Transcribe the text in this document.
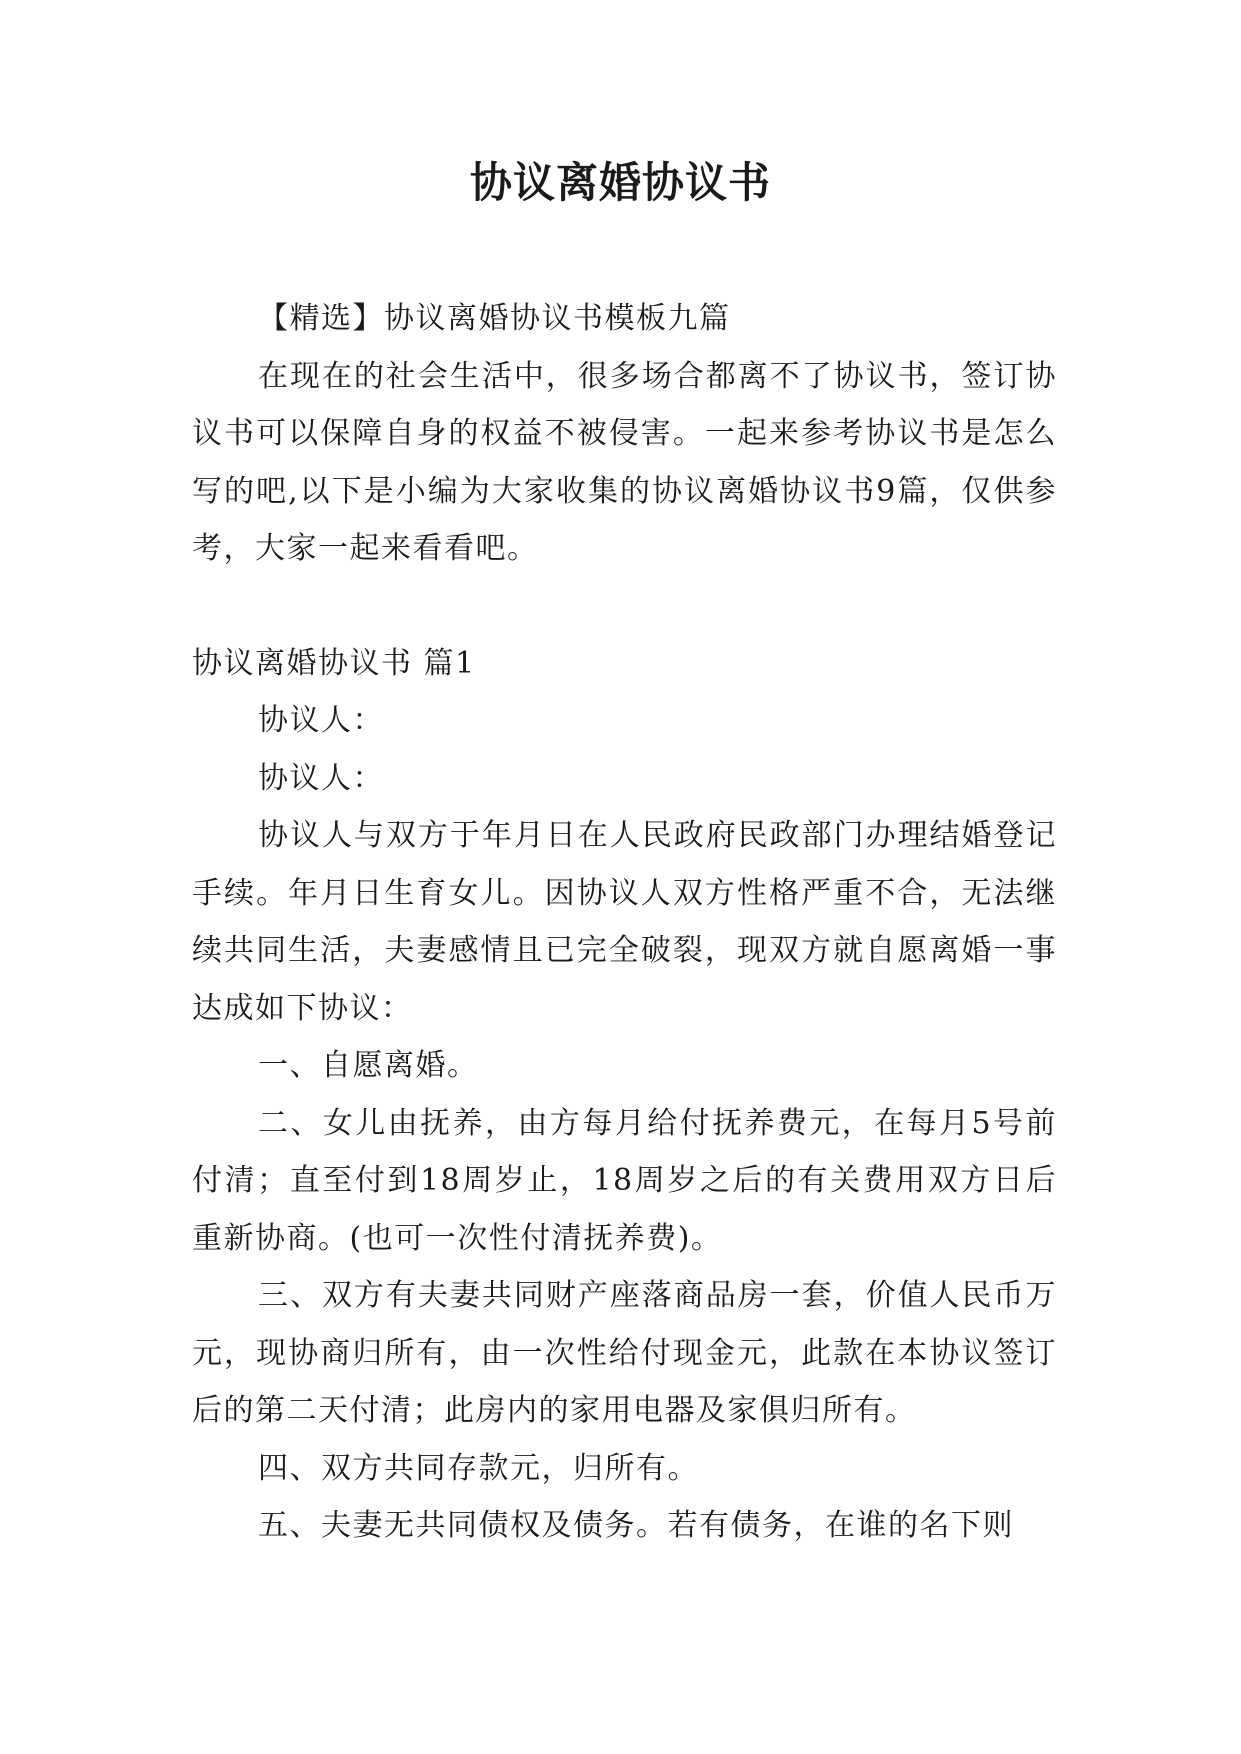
协议离婚协议书

【精选】协议离婚协议书模板九篇

在现在的社会生活中，很多场合都离不了协议书，签订协议书可以保障自身的权益不被侵害。一起来参考协议书是怎么写的吧,以下是小编为大家收集的协议离婚协议书9篇，仅供参考，大家一起来看看吧。

协议离婚协议书 篇1

协议人：

协议人：

协议人与双方于年月日在人民政府民政部门办理结婚登记手续。年月日生育女儿。因协议人双方性格严重不合，无法继续共同生活，夫妻感情且已完全破裂，现双方就自愿离婚一事达成如下协议：

一、自愿离婚。

二、女儿由抚养，由方每月给付抚养费元，在每月5号前付清；直至付到18周岁止，18周岁之后的有关费用双方日后重新协商。(也可一次性付清抚养费)。

三、双方有夫妻共同财产座落商品房一套，价值人民币万元，现协商归所有，由一次性给付现金元，此款在本协议签订后的第二天付清；此房内的家用电器及家俱归所有。

四、双方共同存款元，归所有。

五、夫妻无共同债权及债务。若有债务，在谁的名下则
